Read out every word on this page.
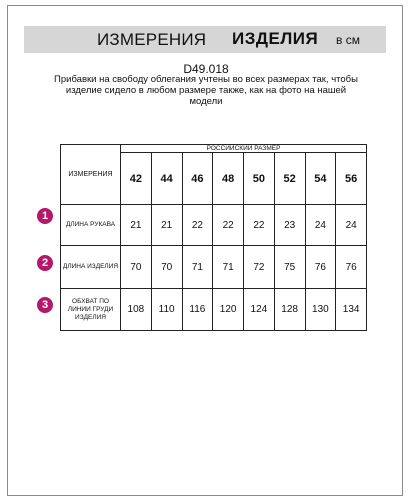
ИЗМЕРЕНИЯ ИЗДЕЛИЯ в см
D49.018
Прибавки на свободу облегания учтены во всех размерах так, чтобы изделие сидело в любом размере также, как на фото на нашей модели
ИЗМЕРЕНИЯ	РОССИЙСКИЙ РАЗМЕР							
	42	44	46	48	50	52	54	56
ДЛИНА РУКАВА	21	21	22	22	22	23	24	24
ДЛИНА ИЗДЕЛИЯ	70	70	71	71	72	75	76	76
ОБХВАТ ПО ЛИНИИ ГРУДИ ИЗДЕЛИЯ	108	110	116	120	124	128	130	134
1
2
3
